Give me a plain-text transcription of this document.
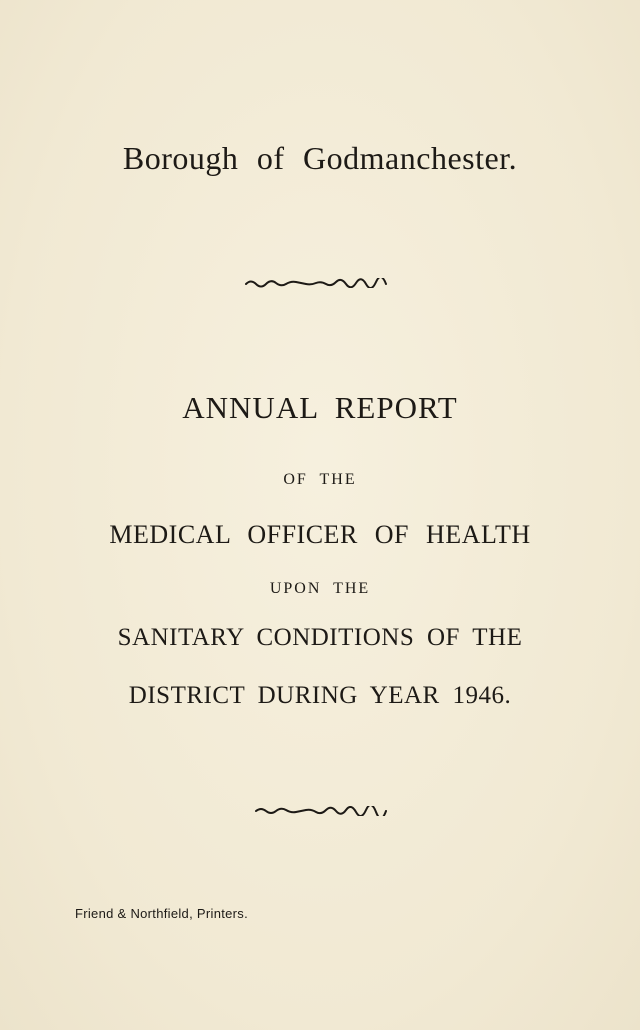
Borough of Godmanchester.
ANNUAL REPORT
OF THE
MEDICAL OFFICER OF HEALTH
UPON THE
SANITARY CONDITIONS OF THE
DISTRICT DURING YEAR 1946.
Friend & Northfield, Printers.
